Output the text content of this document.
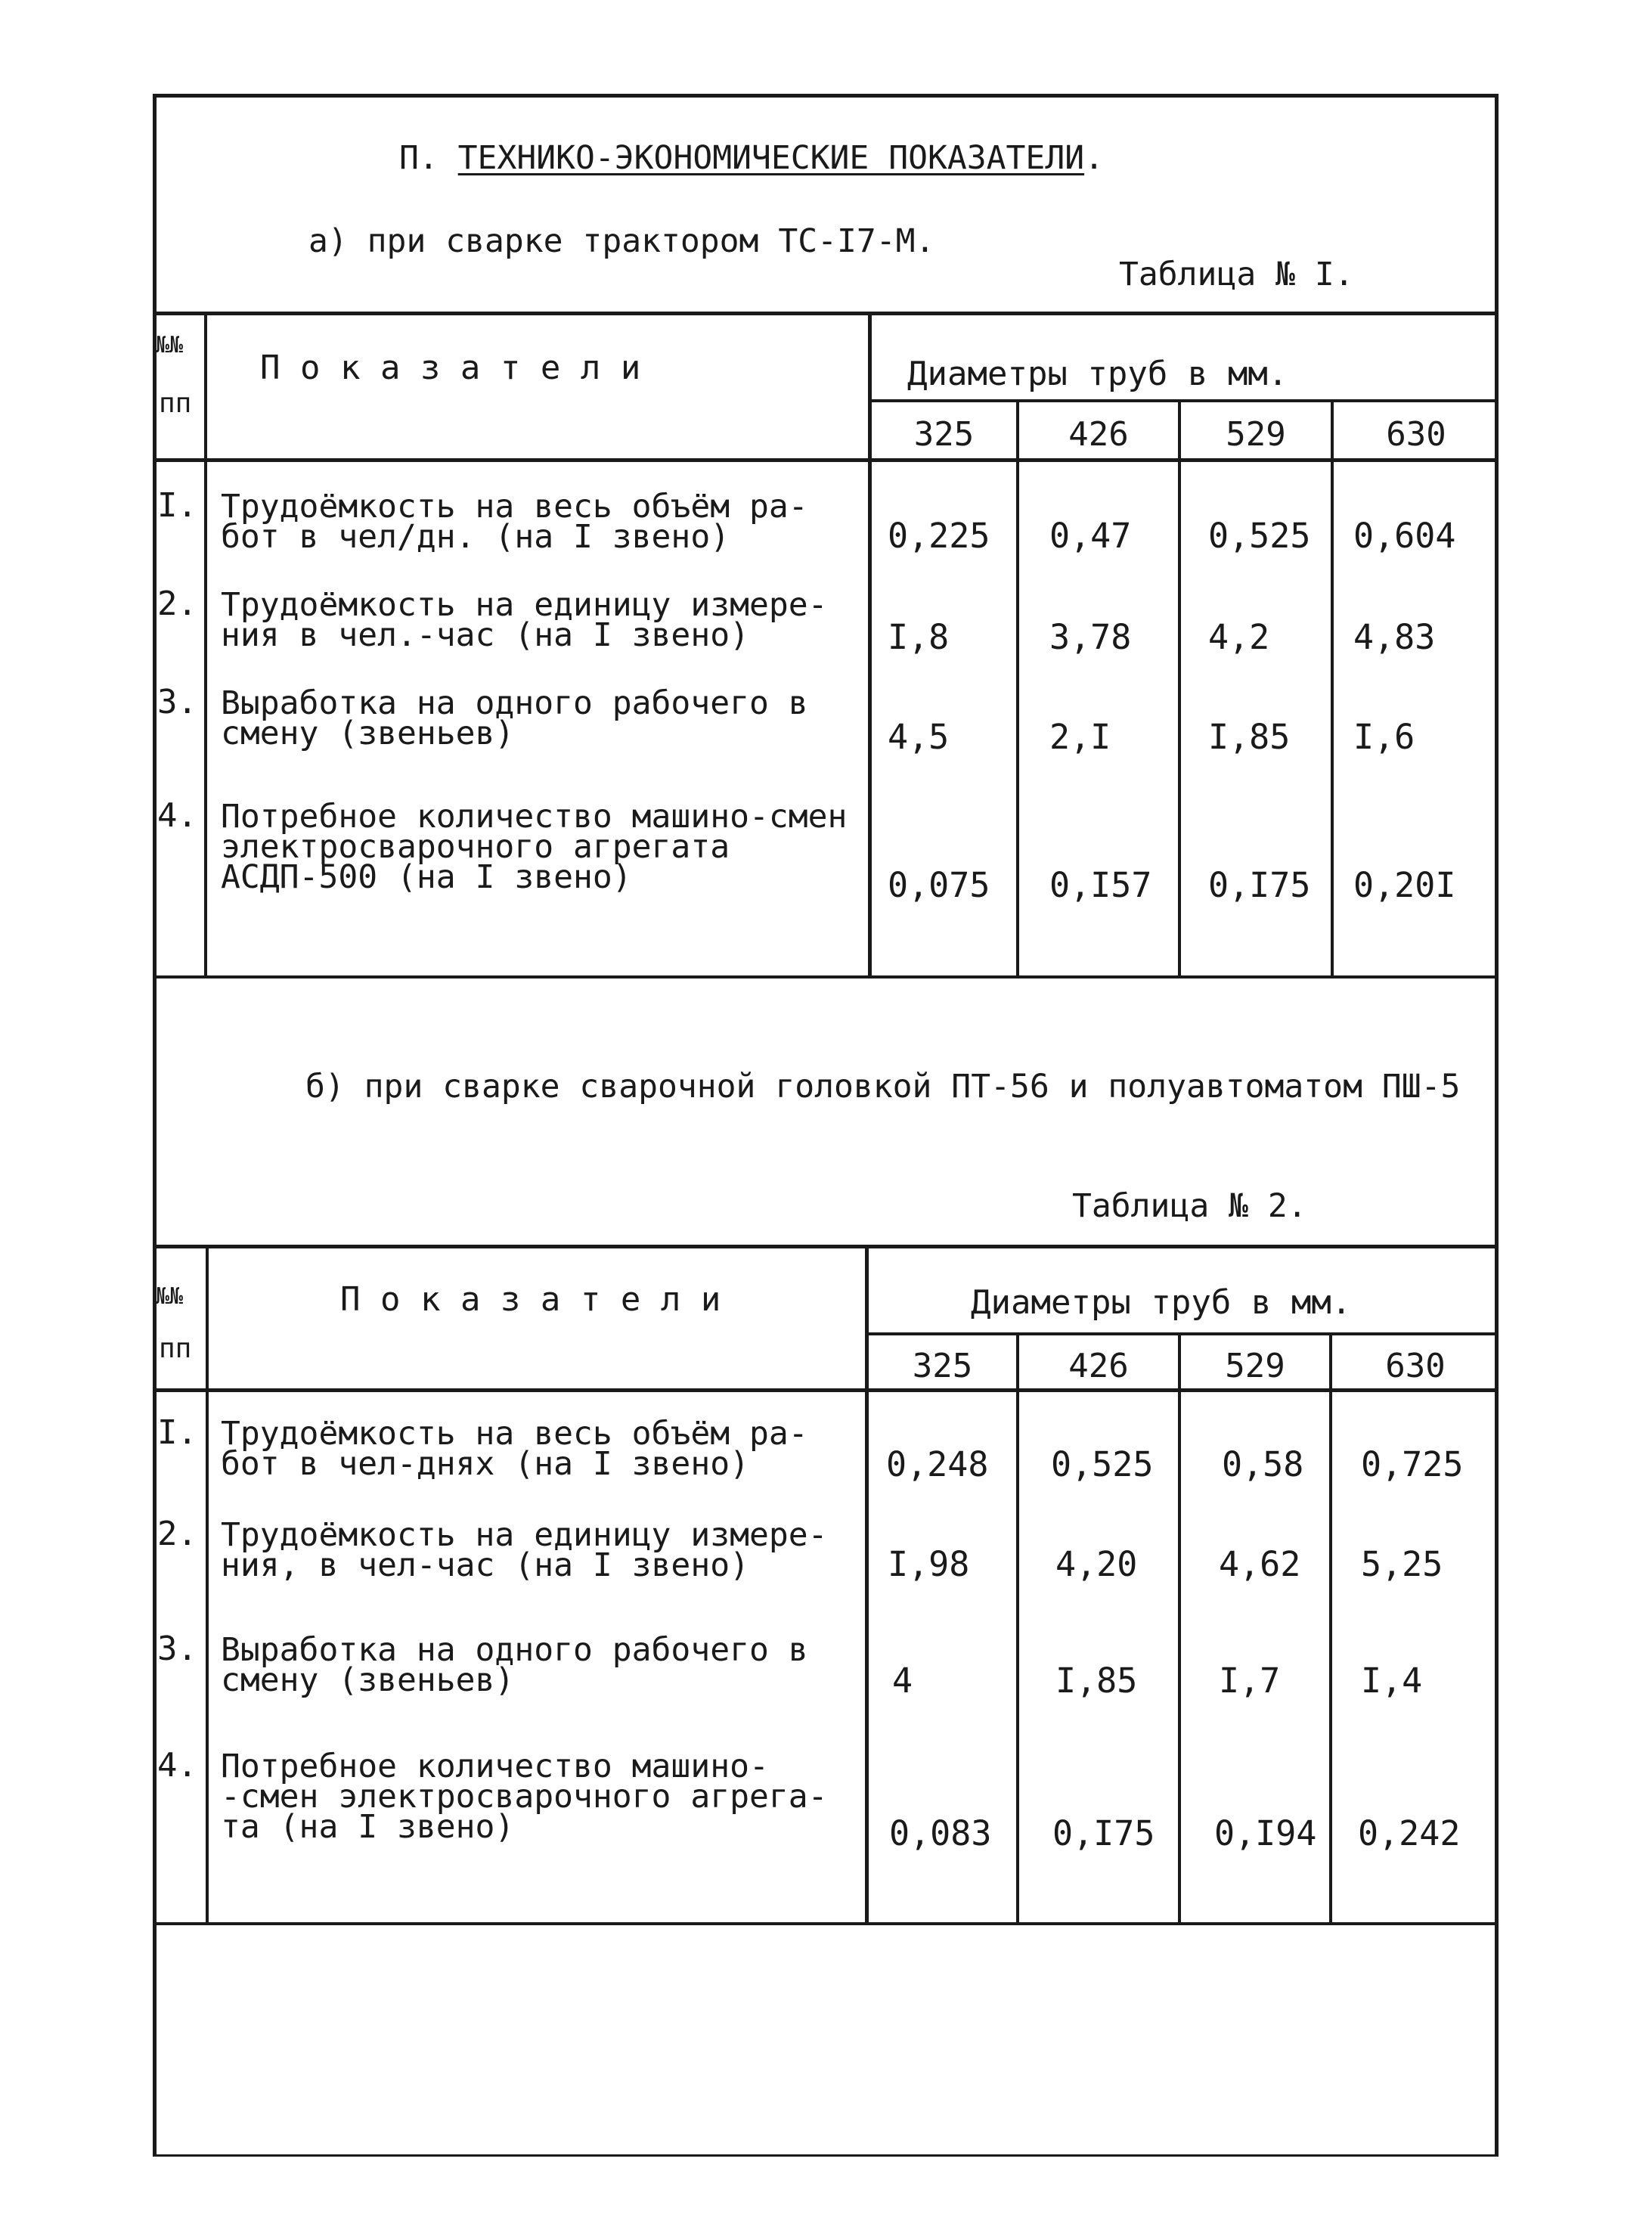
П. ТЕХНИКО-ЭКОНОМИЧЕСКИЕ ПОКАЗАТЕЛИ.
а) при сварке трактором ТС-I7-М.
Таблица № I.
№№
пп
П о к а з а т е л и	Диаметры труб в мм.
325	426	529	630
I. Трудоёмкость на весь объём ра-
бот в чел/дн. (на I звено)	0,225 0,47 0,525 0,604
2. Трудоёмкость на единицу измере-
ния в чел.-час (на I звено)	I,8	3,78 4,2 4,83
3. Выработка на одного рабочего в
смену (звеньев)	4,5	2,I	I,85 I,6
4. Потребное количество машино-смен
электросварочного агрегата
АСДП-500 (на I звено)	0,075 0,I57 0,I75 0,20I
б) при сварке сварочной головкой ПТ-56 и полуавтоматом ПШ-5
Таблица № 2.
№№
пп
П о к а з а т е л и	Диаметры труб в мм.
325	426	529	630
I. Трудоёмкость на весь объём ра-
бот в чел-днях (на I звено)	0,248 0,525 0,58 0,725
2. Трудоёмкость на единицу измере-
ния, в чел-час (на I звено)	I,98	4,20 4,62 5,25
3. Выработка на одного рабочего в
смену (звеньев)	4	I,85 I,7 I,4
4. Потребное количество машино-
-смен электросварочного агрега-
та (на I звено)	0,083 0,I75 0,I94 0,242
